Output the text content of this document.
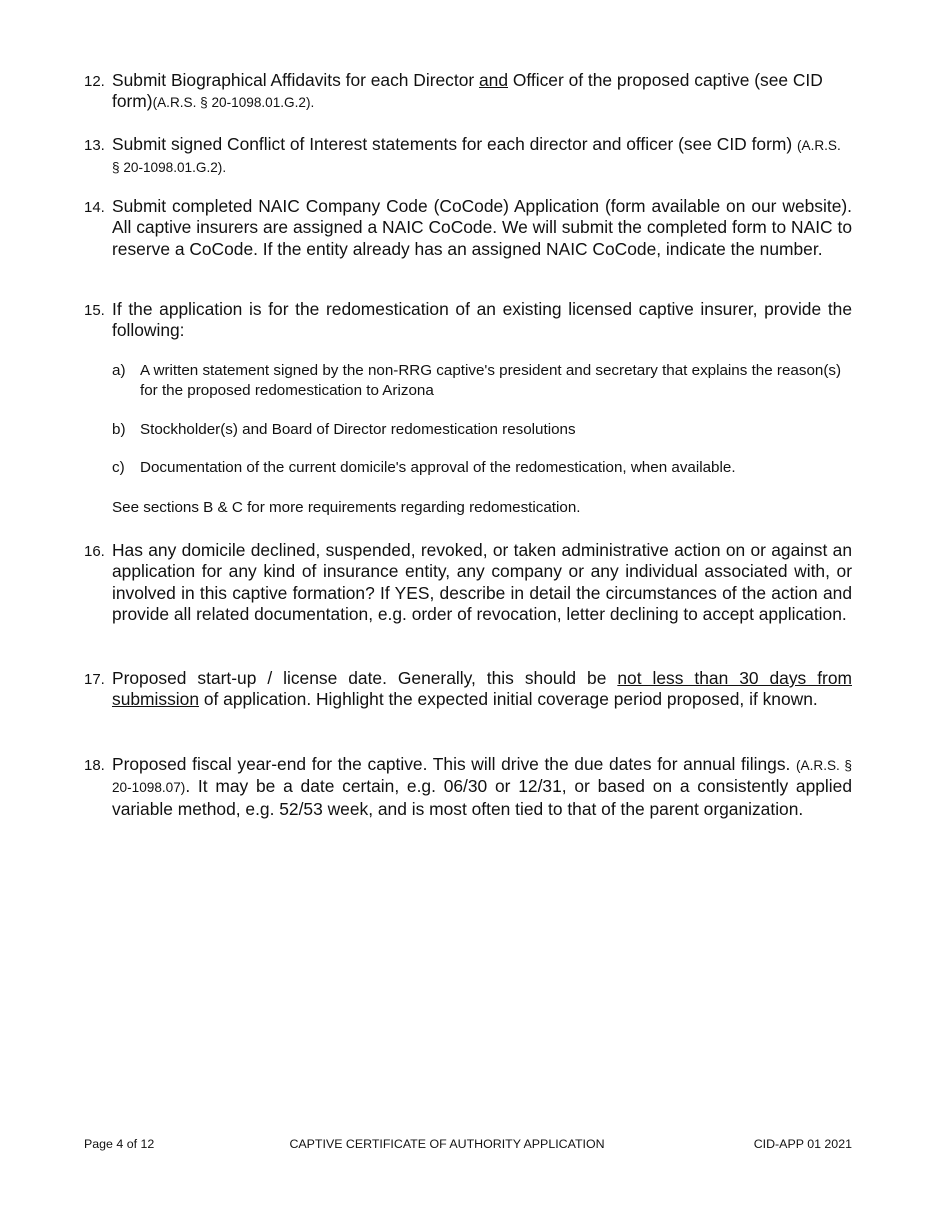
12. Submit Biographical Affidavits for each Director and Officer of the proposed captive (see CID form)(A.R.S. § 20-1098.01.G.2).
13. Submit signed Conflict of Interest statements for each director and officer (see CID form) (A.R.S. § 20-1098.01.G.2).
14. Submit completed NAIC Company Code (CoCode) Application (form available on our website). All captive insurers are assigned a NAIC CoCode. We will submit the completed form to NAIC to reserve a CoCode. If the entity already has an assigned NAIC CoCode, indicate the number.
15. If the application is for the redomestication of an existing licensed captive insurer, provide the following:
a) A written statement signed by the non-RRG captive's president and secretary that explains the reason(s) for the proposed redomestication to Arizona
b) Stockholder(s) and Board of Director redomestication resolutions
c) Documentation of the current domicile's approval of the redomestication, when available.
See sections B & C for more requirements regarding redomestication.
16. Has any domicile declined, suspended, revoked, or taken administrative action on or against an application for any kind of insurance entity, any company or any individual associated with, or involved in this captive formation? If YES, describe in detail the circumstances of the action and provide all related documentation, e.g. order of revocation, letter declining to accept application.
17. Proposed start-up / license date. Generally, this should be not less than 30 days from submission of application. Highlight the expected initial coverage period proposed, if known.
18. Proposed fiscal year-end for the captive. This will drive the due dates for annual filings. (A.R.S. § 20-1098.07). It may be a date certain, e.g. 06/30 or 12/31, or based on a consistently applied variable method, e.g. 52/53 week, and is most often tied to that of the parent organization.
Page 4 of 12	CAPTIVE CERTIFICATE OF AUTHORITY APPLICATION	CID-APP 01 2021
